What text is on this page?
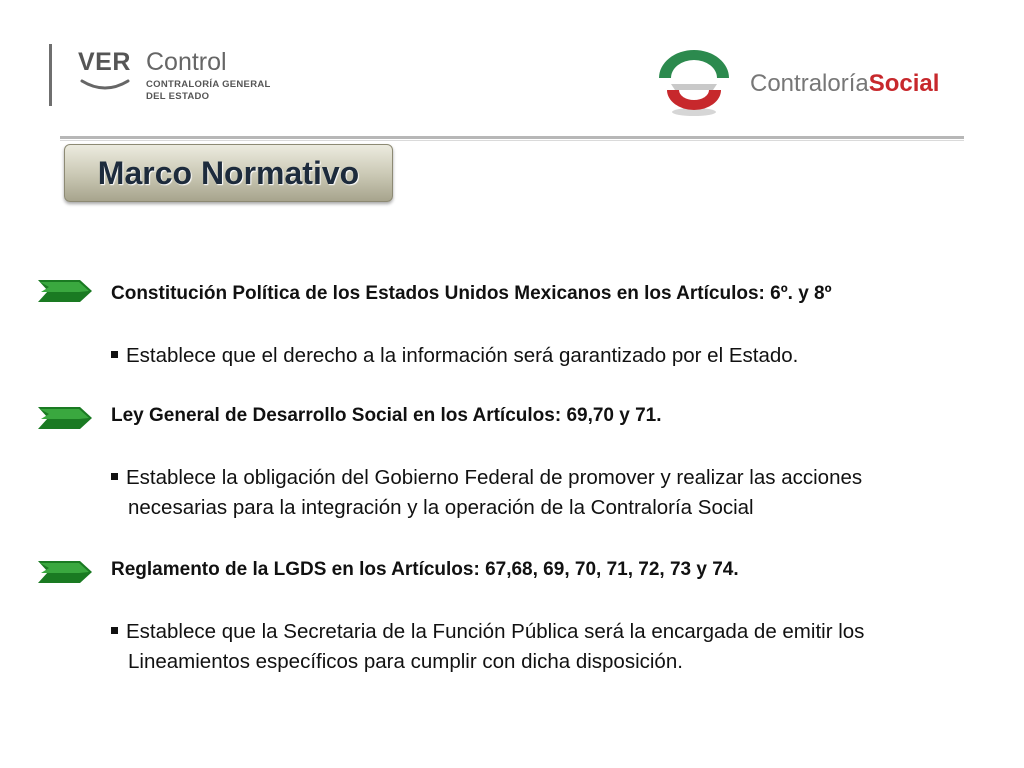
VER Control
CONTRALORÍA GENERAL
DEL ESTADO	ContraloríaSocial
Marco Normativo
Constitución Política de los Estados Unidos Mexicanos en los Artículos: 6º. y 8º
Establece que el derecho a la información será garantizado por el Estado.
Ley General de Desarrollo Social en los Artículos: 69,70 y 71.
Establece la obligación del Gobierno Federal de promover y realizar las acciones
necesarias para la integración y la operación de la Contraloría Social
Reglamento de la LGDS en los Artículos: 67,68, 69, 70, 71, 72, 73 y 74.
Establece que la Secretaria de la Función Pública será la encargada de emitir los
Lineamientos específicos para cumplir con dicha disposición.
